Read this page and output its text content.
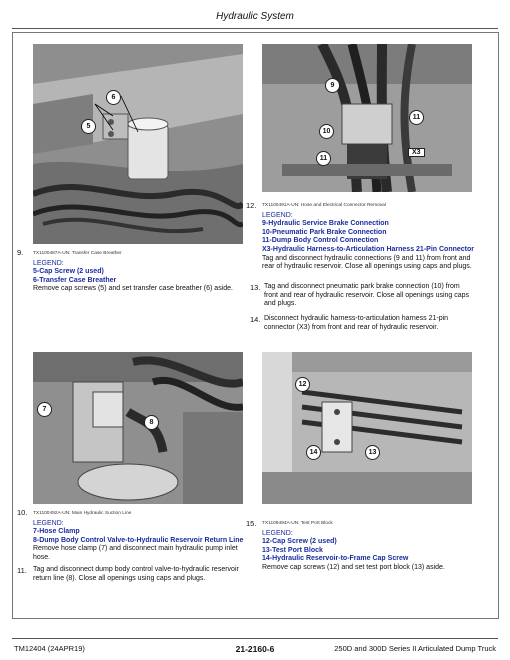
Hydraulic System
5
6
9
10
11
11
X3
7
8
12
13
14
9. TX1100487A-UN: Transfer Case Breather
LEGEND:
5-Cap Screw (2 used)
6-Transfer Case Breather
Remove cap screws (5) and set transfer case breather (6) aside.
12. TX1100491A-UN: Hose and Electrical Connector Removal
LEGEND:
9-Hydraulic Service Brake Connection
10-Pneumatic Park Brake Connection
11-Dump Body Control Connection
X3-Hydraulic Harness-to-Articulation Harness 21-Pin Connector
Tag and disconnect hydraulic connections (9 and 11) from front and rear of hydraulic reservoir. Close all openings using caps and plugs.
13. Tag and disconnect pneumatic park brake connection (10) from front and rear of hydraulic reservoir. Close all openings using caps and plugs.
14. Disconnect hydraulic harness-to-articulation harness 21-pin connector (X3) from front and rear of hydraulic reservoir.
10. TX1100492A-UN: Main Hydraulic Suction Line
LEGEND:
7-Hose Clamp
8-Dump Body Control Valve-to-Hydraulic Reservoir Return Line
Remove hose clamp (7) and disconnect main hydraulic pump inlet hose.
11. Tag and disconnect dump body control valve-to-hydraulic reservoir return line (8). Close all openings using caps and plugs.
15. TX1109494A-UN: Test Port Block
LEGEND:
12-Cap Screw (2 used)
13-Test Port Block
14-Hydraulic Reservoir-to-Frame Cap Screw
Remove cap screws (12) and set test port block (13) aside.
TM12404 (24APR19)	21-2160-6	250D and 300D Series II Articulated Dump Truck
